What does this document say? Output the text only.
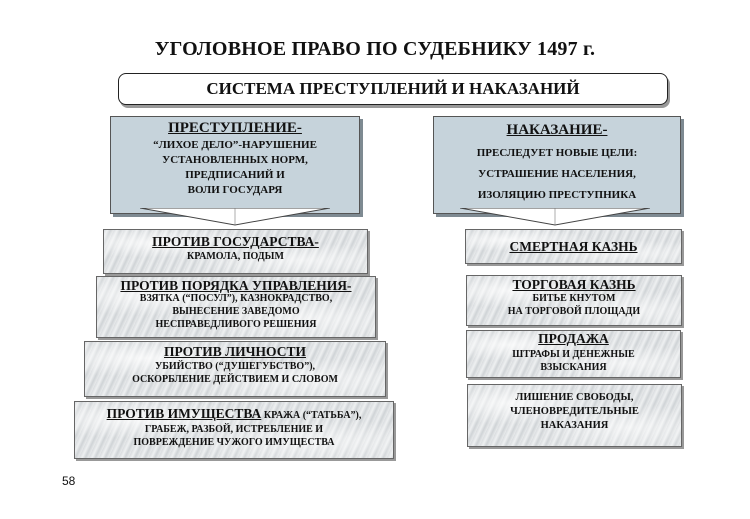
УГОЛОВНОЕ ПРАВО ПО СУДЕБНИКУ 1497 г.
СИСТЕМА ПРЕСТУПЛЕНИЙ И НАКАЗАНИЙ
ПРЕСТУПЛЕНИЕ-
“ЛИХОЕ ДЕЛО”-НАРУШЕНИЕ
УСТАНОВЛЕННЫХ НОРМ,
ПРЕДПИСАНИЙ И
ВОЛИ ГОСУДАРЯ
НАКАЗАНИЕ-
ПРЕСЛЕДУЕТ НОВЫЕ ЦЕЛИ:
УСТРАШЕНИЕ НАСЕЛЕНИЯ,
ИЗОЛЯЦИЮ ПРЕСТУПНИКА
ПРОТИВ ГОСУДАРСТВА-
КРАМОЛА, ПОДЫМ
ПРОТИВ ПОРЯДКА УПРАВЛЕНИЯ-
ВЗЯТКА (“ПОСУЛ”), КАЗНОКРАДСТВО,
ВЫНЕСЕНИЕ ЗАВЕДОМО
НЕСПРАВЕДЛИВОГО РЕШЕНИЯ
ПРОТИВ ЛИЧНОСТИ
УБИЙСТВО (“ДУШЕГУБСТВО”),
ОСКОРБЛЕНИЕ ДЕЙСТВИЕМ И СЛОВОМ
ПРОТИВ ИМУЩЕСТВА КРАЖА (“ТАТЬБА”),
ГРАБЕЖ, РАЗБОЙ, ИСТРЕБЛЕНИЕ И
ПОВРЕЖДЕНИЕ ЧУЖОГО ИМУЩЕСТВА
СМЕРТНАЯ КАЗНЬ
ТОРГОВАЯ КАЗНЬ
БИТЬЕ КНУТОМ
НА ТОРГОВОЙ ПЛОЩАДИ
ПРОДАЖА
ШТРАФЫ И ДЕНЕЖНЫЕ
ВЗЫСКАНИЯ
ЛИШЕНИЕ СВОБОДЫ,
ЧЛЕНОВРЕДИТЕЛЬНЫЕ
НАКАЗАНИЯ
58
